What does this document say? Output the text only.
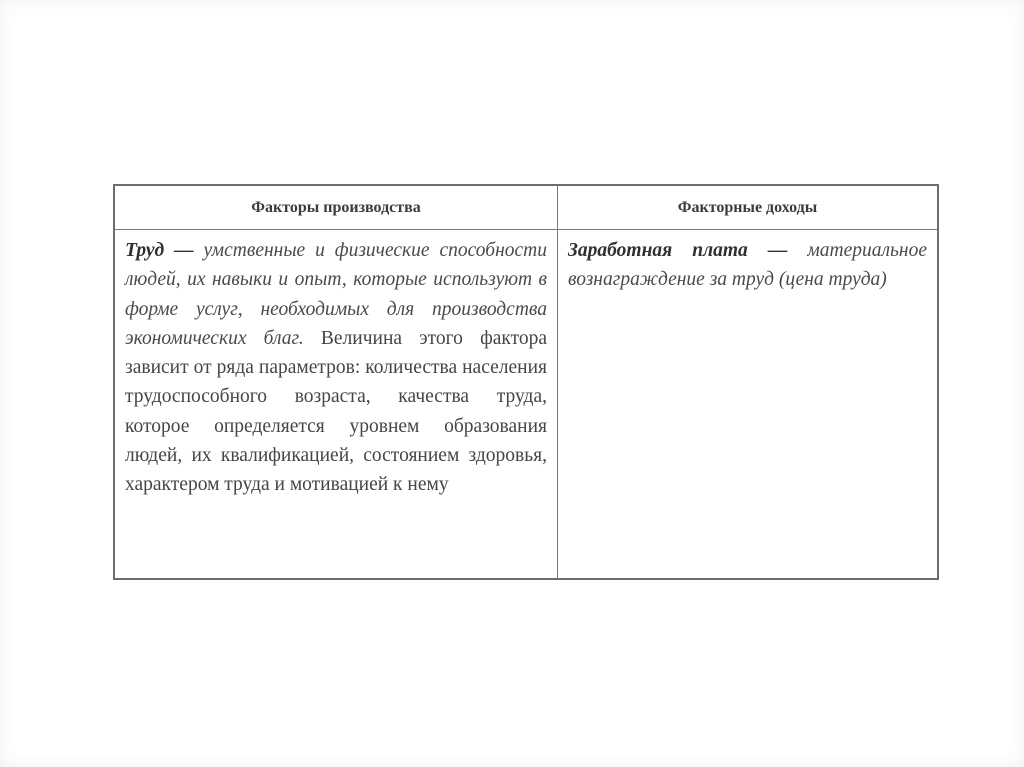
Факторы производства	Факторные доходы
Труд — умственные и физические способности людей, их навыки и опыт, которые используют в форме услуг, необходимых для производства экономических благ. Величина этого фактора зависит от ряда параметров: количества населения трудоспособного возраста, качества труда, которое определяется уровнем образования людей, их квалификацией, состоянием здоровья, характером труда и мотивацией к нему
Заработная плата — материальное вознаграждение за труд (цена труда)
